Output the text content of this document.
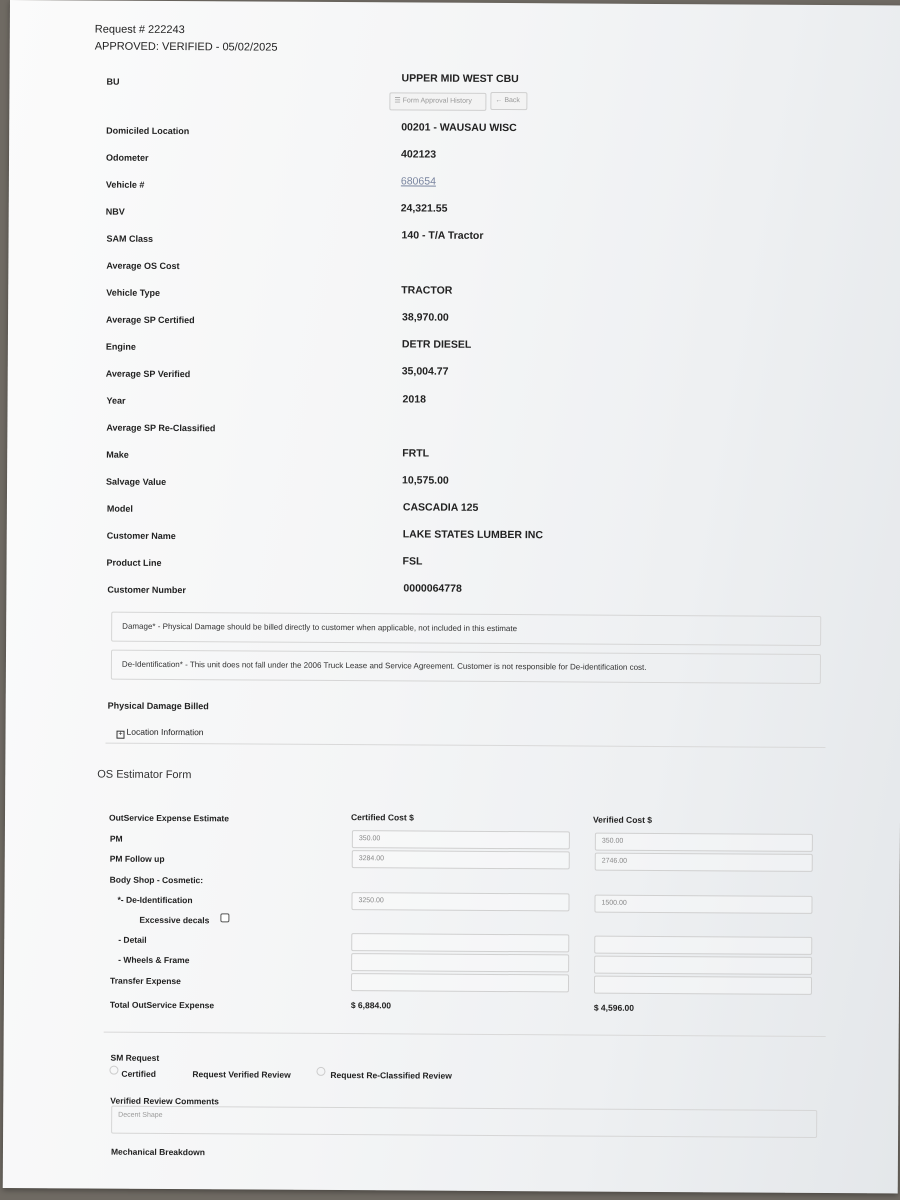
Request # 222243
APPROVED: VERIFIED - 05/02/2025
BU	UPPER MID WEST CBU
☰ Form Approval History	← Back
Domiciled Location	00201 - WAUSAU WISC
Odometer	402123
Vehicle #	680654
NBV	24,321.55
SAM Class	140 - T/A Tractor
Average OS Cost
Vehicle Type	TRACTOR
Average SP Certified	38,970.00
Engine	DETR DIESEL
Average SP Verified	35,004.77
Year	2018
Average SP Re-Classified
Make	FRTL
Salvage Value	10,575.00
Model	CASCADIA 125
Customer Name	LAKE STATES LUMBER INC
Product Line	FSL
Customer Number	0000064778
Damage* - Physical Damage should be billed directly to customer when applicable, not included in this estimate
De-Identification* - This unit does not fall under the 2006 Truck Lease and Service Agreement. Customer is not responsible for De-identification cost.
Physical Damage Billed
+ Location Information
OS Estimator Form
OutService Expense Estimate	Certified Cost $	Verified Cost $
PM	350.00	350.00
PM Follow up	3284.00	2746.00
Body Shop - Cosmetic:
*- De-Identification	3250.00	1500.00
Excessive decals
- Detail
- Wheels & Frame
Transfer Expense
Total OutService Expense	$ 6,884.00	$ 4,596.00
SM Request
Certified	Request Verified Review	Request Re-Classified Review
Verified Review Comments
Decent Shape
Mechanical Breakdown
